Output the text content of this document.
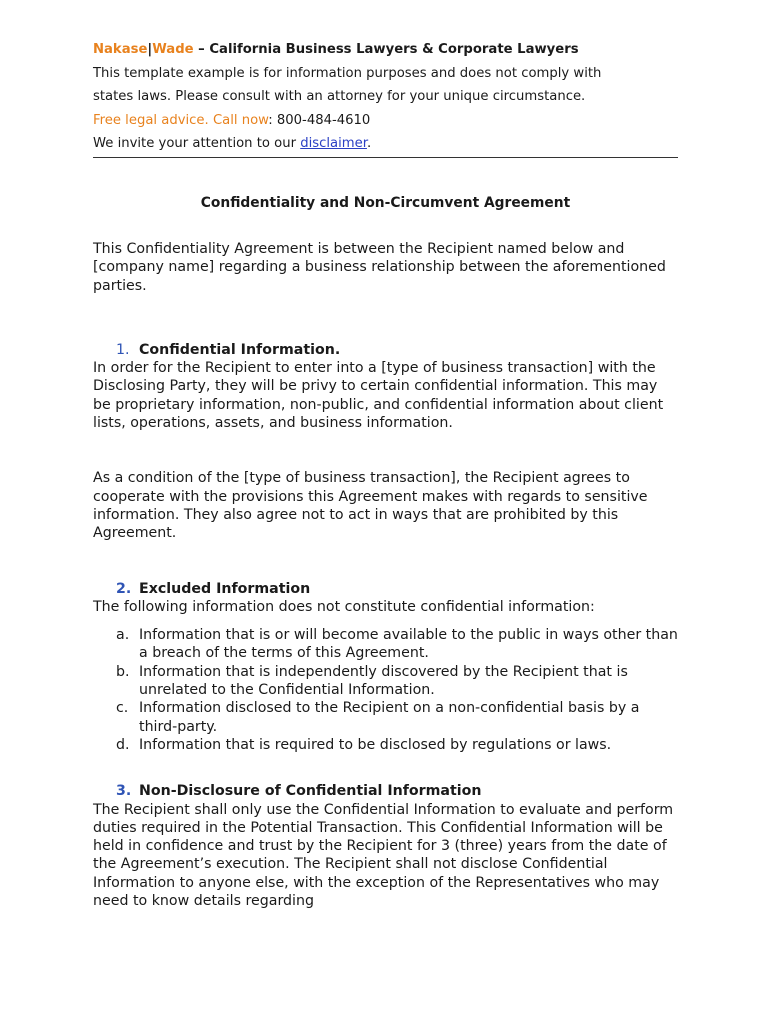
Nakase|Wade – California Business Lawyers & Corporate Lawyers
This template example is for information purposes and does not comply with
states laws. Please consult with an attorney for your unique circumstance.
Free legal advice. Call now: 800-484-4610
We invite your attention to our disclaimer.
Confidentiality and Non-Circumvent Agreement
This Confidentiality Agreement is between the Recipient named below and [company name] regarding a business relationship between the aforementioned parties.
1. Confidential Information.
In order for the Recipient to enter into a [type of business transaction] with the Disclosing Party, they will be privy to certain confidential information. This may be proprietary information, non-public, and confidential information about client lists, operations, assets, and business information.
As a condition of the [type of business transaction], the Recipient agrees to cooperate with the provisions this Agreement makes with regards to sensitive information. They also agree not to act in ways that are prohibited by this Agreement.
2. Excluded Information
The following information does not constitute confidential information:
a. Information that is or will become available to the public in ways other than a breach of the terms of this Agreement.
b. Information that is independently discovered by the Recipient that is unrelated to the Confidential Information.
c. Information disclosed to the Recipient on a non-confidential basis by a third-party.
d. Information that is required to be disclosed by regulations or laws.
3. Non-Disclosure of Confidential Information
The Recipient shall only use the Confidential Information to evaluate and perform duties required in the Potential Transaction. This Confidential Information will be held in confidence and trust by the Recipient for 3 (three) years from the date of the Agreement’s execution. The Recipient shall not disclose Confidential Information to anyone else, with the exception of the Representatives who may need to know details regarding
